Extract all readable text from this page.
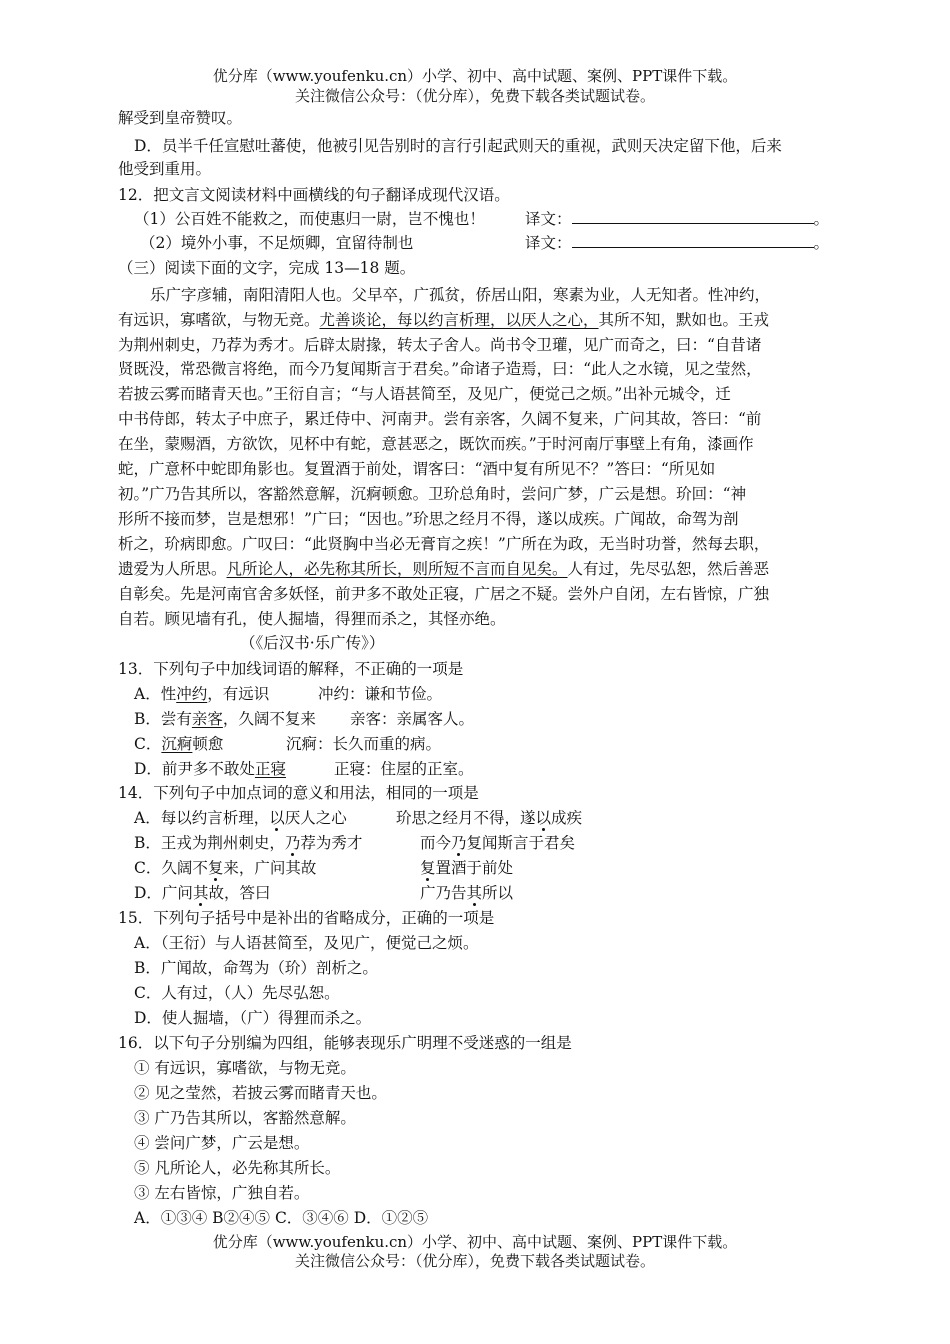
优分库（www.youfenku.cn）小学、初中、高中试题、案例、PPT课件下载。
关注微信公众号：（优分库），免费下载各类试题试卷。
解受到皇帝赞叹。
D．员半千任宣慰吐蕃使，他被引见告别时的言行引起武则天的重视，武则天决定留下他，后来
他受到重用。
12．把文言文阅读材料中画横线的句子翻译成现代汉语。
（1）公百姓不能救之，而使惠归一尉，岂不愧也！	译文：	。
（2）境外小事，不足烦卿，宜留待制也	译文：	。
（三）阅读下面的文字，完成 13—18 题。
乐广字彦辅，南阳清阳人也。父早卒，广孤贫，侨居山阳，寒素为业，人无知者。性冲约，
有远识，寡嗜欲，与物无竞。尤善谈论，每以约言析理，以厌人之心，其所不知，默如也。王戎
为荆州刺史，乃荐为秀才。后辟太尉掾，转太子舍人。尚书令卫瓘，见广而奇之，曰：“自昔诸
贤既没，常恐微言将绝，而今乃复闻斯言于君矣。”命诸子造焉，曰：“此人之水镜，见之莹然，
若披云雾而睹青天也。”王衍自言；“与人语甚简至，及见广，便觉己之烦。”出补元城令，迁
中书侍郎，转太子中庶子，累迁侍中、河南尹。尝有亲客，久阔不复来，广问其故，答曰：“前
在坐，蒙赐酒，方欲饮，见杯中有蛇，意甚恶之，既饮而疾。”于时河南厅事壁上有角，漆画作
蛇，广意杯中蛇即角影也。复置酒于前处，谓客曰：“酒中复有所见不？”答曰：“所见如
初。”广乃告其所以，客豁然意解，沉痾顿愈。卫玠总角时，尝问广梦，广云是想。玠回：“神
形所不接而梦，岂是想邪！”广曰；“因也。”玠思之经月不得，遂以成疾。广闻故，命驾为剖
析之，玠病即愈。广叹曰：“此贤胸中当必无膏肓之疾！”广所在为政，无当时功誉，然每去职，
遗爱为人所思。凡所论人，必先称其所长，则所短不言而自见矣。人有过，先尽弘恕，然后善恶
自彰矣。先是河南官舍多妖怪，前尹多不敢处正寝，广居之不疑。尝外户自闭，左右皆惊，广独
自若。顾见墙有孔，使人掘墙，得狸而杀之，其怪亦绝。
（《后汉书·乐广传》）
13．下列句子中加线词语的解释，不正确的一项是
A．性冲约，有远识	冲约：谦和节俭。
B．尝有亲客，久阔不复来 亲客：亲属客人。
C．沉痾顿愈	沉痾：长久而重的病。
D．前尹多不敢处正寝	正寝：住屋的正室。
14．下列句子中加点词的意义和用法，相同的一项是
A．每以约言析理，以厌人之心	玠思之经月不得，遂以成疾
B．王戎为荆州刺史，乃荐为秀才	而今乃复闻斯言于君矣
C．久阔不复来，广问其故	复置酒于前处
D．广问其故，答曰	广乃告其所以
15．下列句子括号中是补出的省略成分，正确的一项是
A．（王衍）与人语甚简至，及见广，便觉己之烦。
B．广闻故，命驾为（玠）剖析之。
C．人有过，（人）先尽弘恕。
D．使人掘墙，（广）得狸而杀之。
16．以下句子分别编为四组，能够表现乐广明理不受迷惑的一组是
① 有远识，寡嗜欲，与物无竞。
② 见之莹然，若披云雾而睹青天也。
③ 广乃告其所以，客豁然意解。
④ 尝问广梦，广云是想。
⑤ 凡所论人，必先称其所长。
③ 左右皆惊，广独自若。
A．①③④ B②④⑤ C．③④⑥ D．①②⑤
优分库（www.youfenku.cn）小学、初中、高中试题、案例、PPT课件下载。
关注微信公众号：（优分库），免费下载各类试题试卷。
